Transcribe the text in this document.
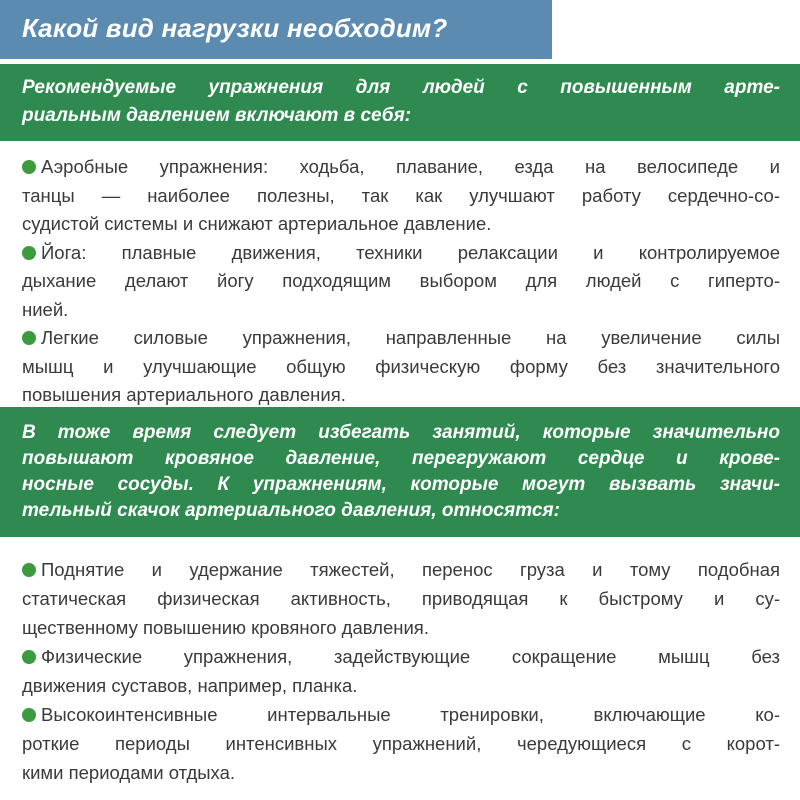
Какой вид нагрузки необходим?
Рекомендуемые упражнения для людей с повышенным арте-
риальным давлением включают в себя:
Аэробные упражнения: ходьба, плавание, езда на велосипеде и
танцы — наиболее полезны, так как улучшают работу сердечно-со-
судистой системы и снижают артериальное давление.
Йога: плавные движения, техники релаксации и контролируемое
дыхание делают йогу подходящим выбором для людей с гиперто-
нией.
Легкие силовые упражнения, направленные на увеличение силы
мышц и улучшающие общую физическую форму без значительного
повышения артериального давления.
В тоже время следует избегать занятий, которые значительно
повышают кровяное давление, перегружают сердце и крове-
носные сосуды. К упражнениям, которые могут вызвать значи-
тельный скачок артериального давления, относятся:
Поднятие и удержание тяжестей, перенос груза и тому подобная
статическая физическая активность, приводящая к быстрому и су-
щественному повышению кровяного давления.
Физические упражнения, задействующие сокращение мышц без
движения суставов, например, планка.
Высокоинтенсивные интервальные тренировки, включающие ко-
роткие периоды интенсивных упражнений, чередующиеся с корот-
кими периодами отдыха.
